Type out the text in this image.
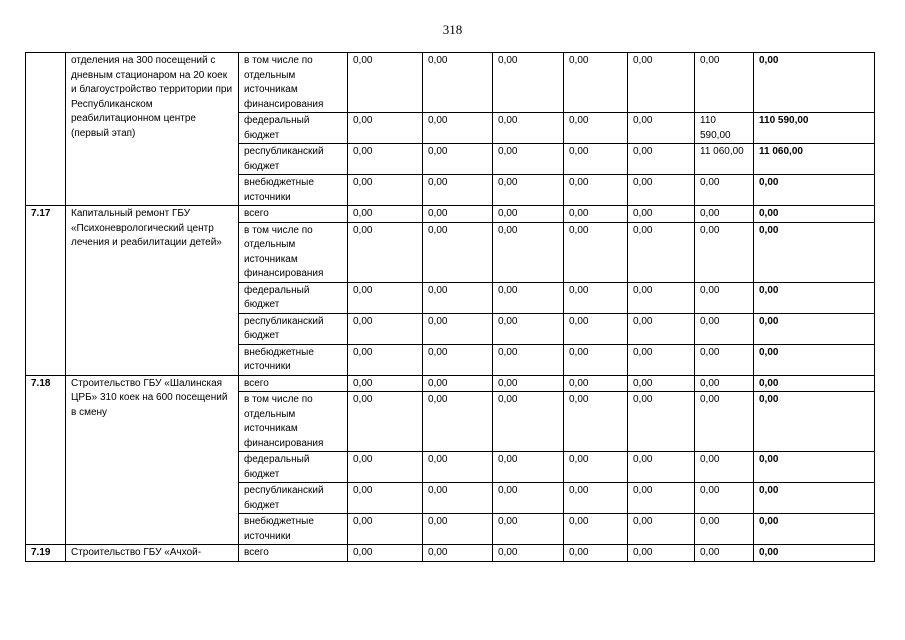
318
	отделения на 300 посещений с дневным стационаром на 20 коек и благоустройство территории при Республиканском реабилитационном центре (первый этап)	в том числе по отдельным источникам финансирования	0,00	0,00	0,00	0,00	0,00	0,00	0,00
		федеральный бюджет	0,00	0,00	0,00	0,00	0,00	110 590,00	110 590,00
		республиканский бюджет	0,00	0,00	0,00	0,00	0,00	11 060,00	11 060,00
		внебюджетные источники	0,00	0,00	0,00	0,00	0,00	0,00	0,00
7.17	Капитальный ремонт ГБУ «Психоневрологический центр лечения и реабилитации детей»	всего	0,00	0,00	0,00	0,00	0,00	0,00	0,00
		в том числе по отдельным источникам финансирования	0,00	0,00	0,00	0,00	0,00	0,00	0,00
		федеральный бюджет	0,00	0,00	0,00	0,00	0,00	0,00	0,00
		республиканский бюджет	0,00	0,00	0,00	0,00	0,00	0,00	0,00
		внебюджетные источники	0,00	0,00	0,00	0,00	0,00	0,00	0,00
7.18	Строительство ГБУ «Шалинская ЦРБ» 310 коек на 600 посещений в смену	всего	0,00	0,00	0,00	0,00	0,00	0,00	0,00
		в том числе по отдельным источникам финансирования	0,00	0,00	0,00	0,00	0,00	0,00	0,00
		федеральный бюджет	0,00	0,00	0,00	0,00	0,00	0,00	0,00
		республиканский бюджет	0,00	0,00	0,00	0,00	0,00	0,00	0,00
		внебюджетные источники	0,00	0,00	0,00	0,00	0,00	0,00	0,00
7.19	Строительство ГБУ «Ачхой-	всего	0,00	0,00	0,00	0,00	0,00	0,00	0,00
